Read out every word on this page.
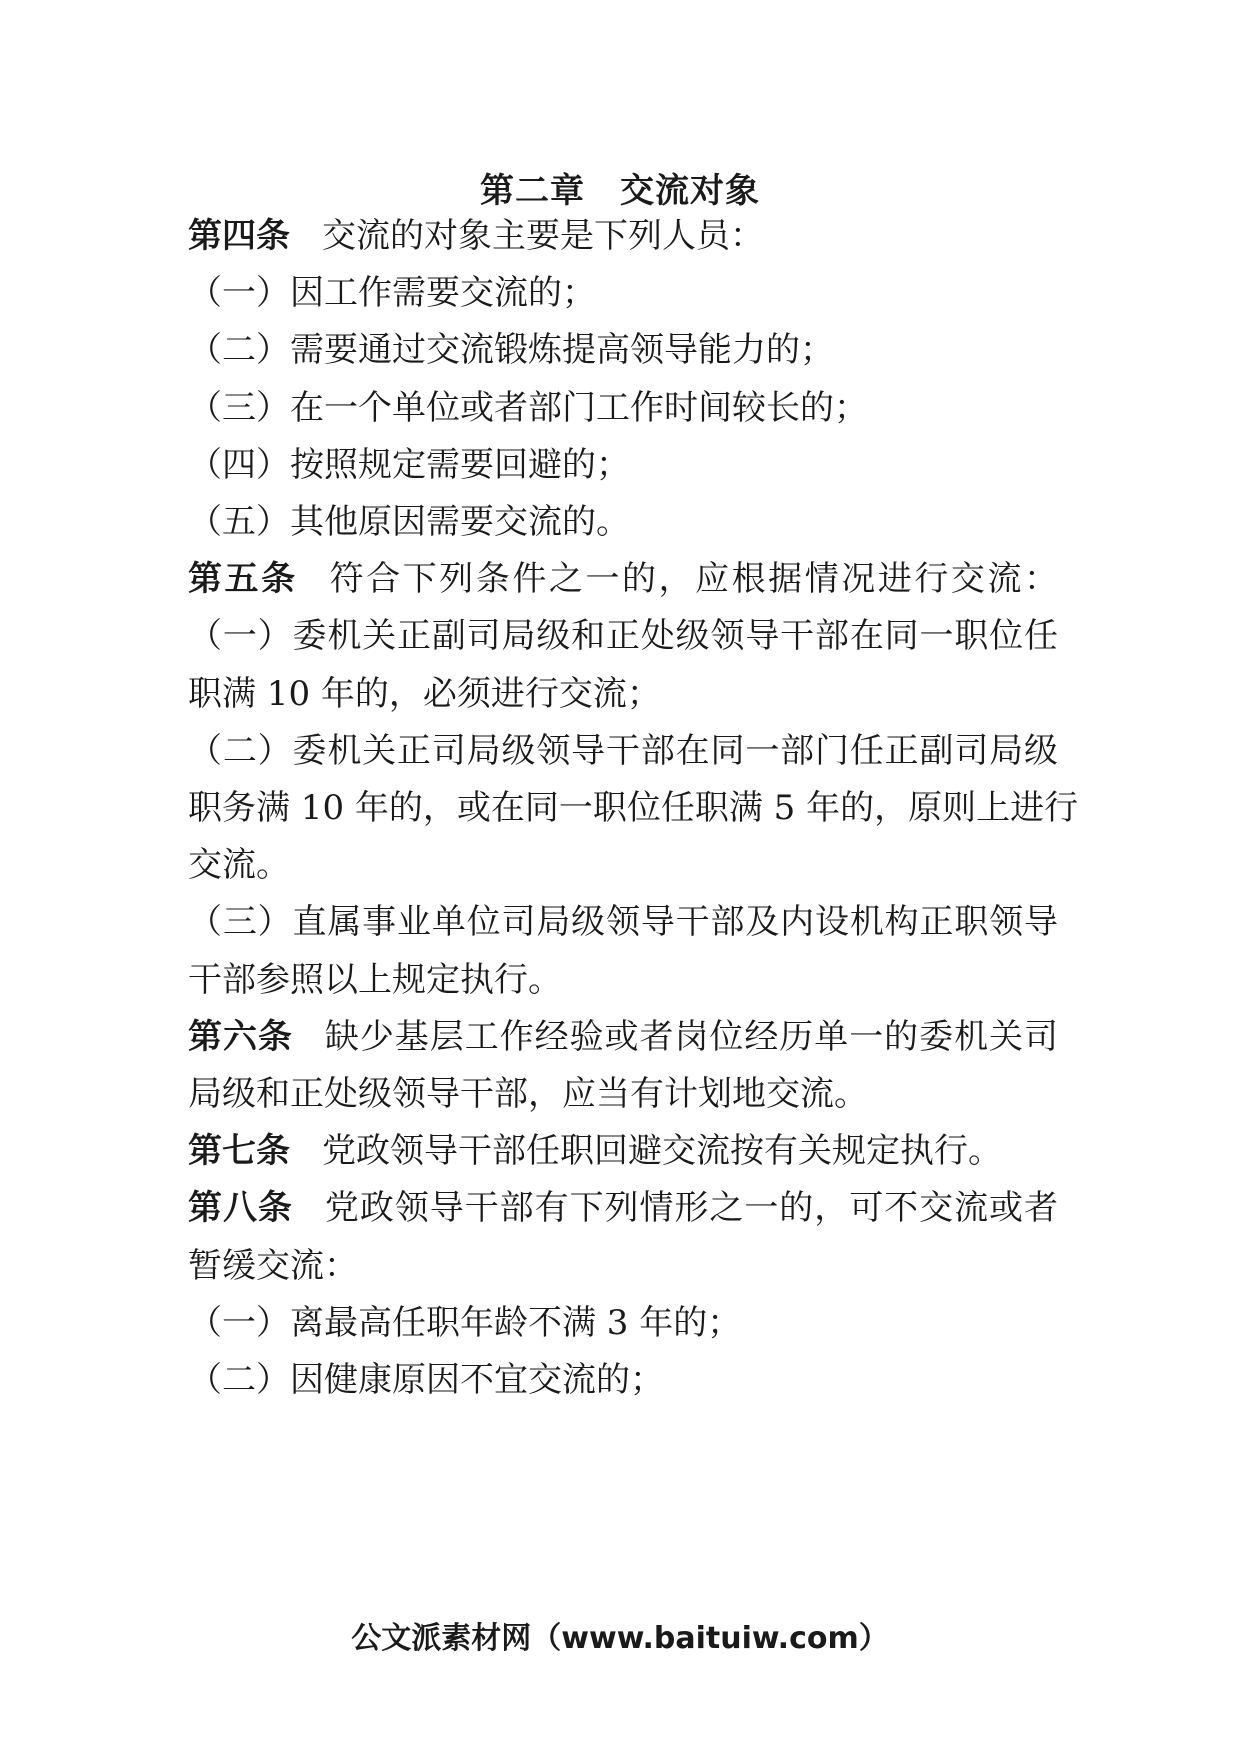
第二章　交流对象
第四条 交流的对象主要是下列人员：
（一）因工作需要交流的；
（二）需要通过交流锻炼提高领导能力的；
（三）在一个单位或者部门工作时间较长的；
（四）按照规定需要回避的；
（五）其他原因需要交流的。
第五条 符合下列条件之一的，应根据情况进行交流：
（一）委机关正副司局级和正处级领导干部在同一职位任
职满 10 年的，必须进行交流；
（二）委机关正司局级领导干部在同一部门任正副司局级
职务满 10 年的，或在同一职位任职满 5 年的，原则上进行
交流。
（三）直属事业单位司局级领导干部及内设机构正职领导
干部参照以上规定执行。
第六条 缺少基层工作经验或者岗位经历单一的委机关司
局级和正处级领导干部，应当有计划地交流。
第七条 党政领导干部任职回避交流按有关规定执行。
第八条 党政领导干部有下列情形之一的，可不交流或者
暂缓交流：
（一）离最高任职年龄不满 3 年的；
（二）因健康原因不宜交流的；
公文派素材网（www.baituiw.com）
